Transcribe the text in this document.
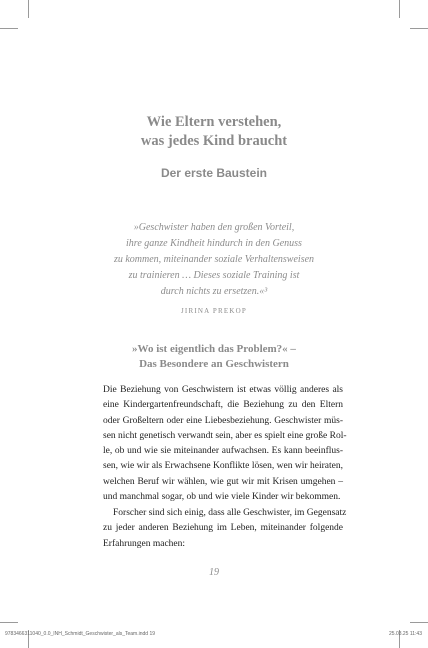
Wie Eltern verstehen,
was jedes Kind braucht
Der erste Baustein
»Geschwister haben den großen Vorteil,
ihre ganze Kindheit hindurch in den Genuss
zu kommen, miteinander soziale Verhaltensweisen
zu trainieren … Dieses soziale Training ist
durch nichts zu ersetzen.«³

JIRINA PREKOP

»Wo ist eigentlich das Problem?« –
Das Besondere an Geschwistern

Die Beziehung von Geschwistern ist etwas völlig anderes als
eine Kindergartenfreundschaft, die Beziehung zu den Eltern
oder Großeltern oder eine Liebesbeziehung. Geschwister müs-
sen nicht genetisch verwandt sein, aber es spielt eine große Rol-
le, ob und wie sie miteinander aufwachsen. Es kann beeinflus-
sen, wie wir als Erwachsene Konflikte lösen, wen wir heiraten,
welchen Beruf wir wählen, wie gut wir mit Krisen umgehen –
und manchmal sogar, ob und wie viele Kinder wir bekommen.

Forscher sind sich einig, dass alle Geschwister, im Gegensatz
zu jeder anderen Beziehung im Leben, miteinander folgende
Erfahrungen machen:

19
9783466311040_0.0_INH_Schmidt_Geschwister_als_Team.indd 19	25.03.25 11:43
